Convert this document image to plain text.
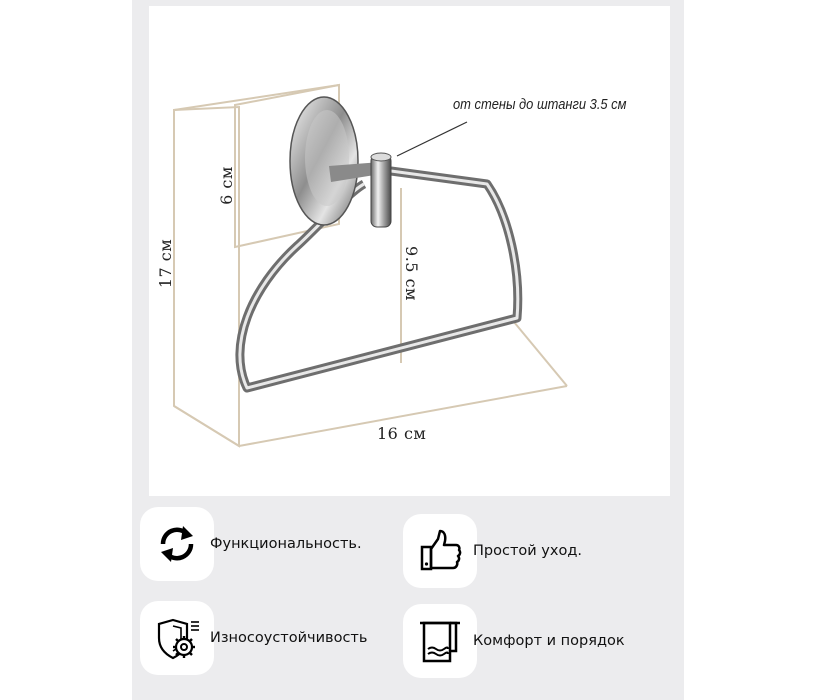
от стены до штанги 3.5 см
6 см
17 см	9.5 см
16 см
Функциональность.	Простой уход.
Износоустойчивость	Комфорт и порядок
